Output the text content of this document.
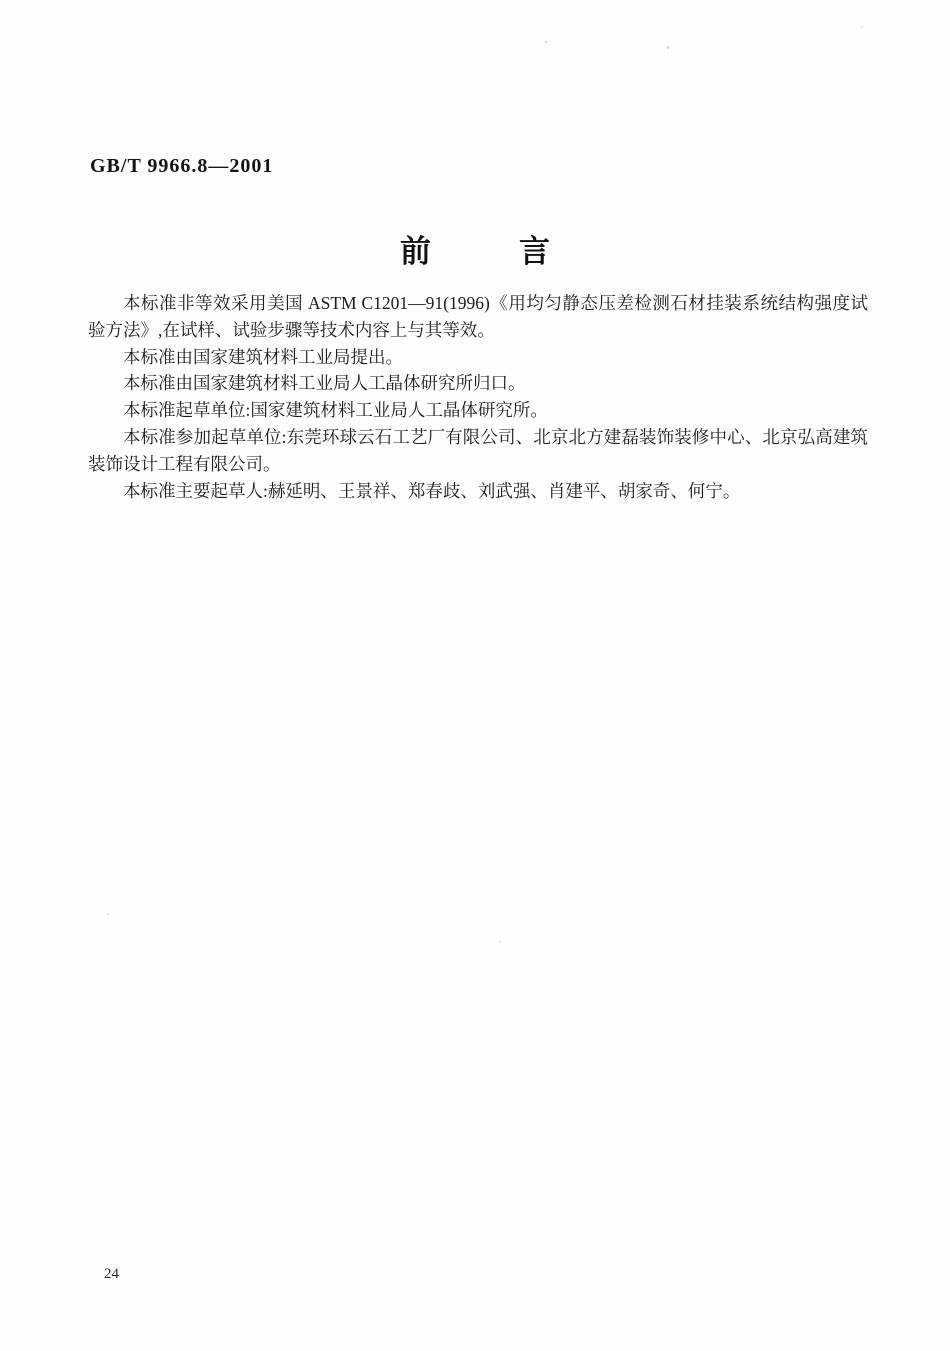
GB/T 9966.8—2001
前	言

本标准非等效采用美国 ASTM C1201—91(1996)《用均匀静态压差检测石材挂装系统结构强度试验方法》,在试样、试验步骤等技术内容上与其等效。

本标准由国家建筑材料工业局提出。

本标准由国家建筑材料工业局人工晶体研究所归口。

本标准起草单位:国家建筑材料工业局人工晶体研究所。

本标准参加起草单位:东莞环球云石工艺厂有限公司、北京北方建磊装饰装修中心、北京弘高建筑装饰设计工程有限公司。

本标准主要起草人:赫延明、王景祥、郑春歧、刘武强、肖建平、胡家奇、何宁。

24
